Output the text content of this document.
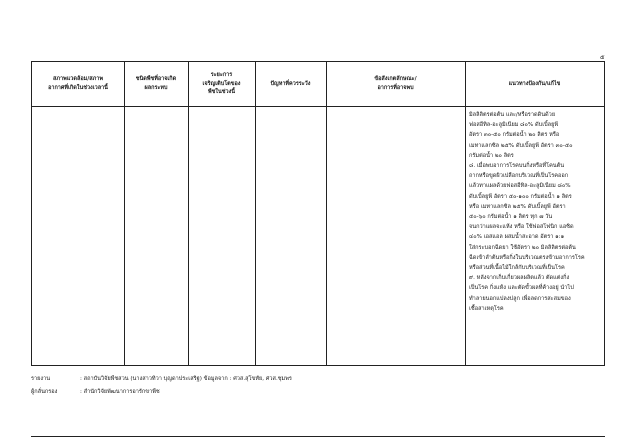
๕
สภาพแวดล้อม/สภาพ
อากาศที่เกิดในช่วงเวลานี้
ชนิดพืชที่อาจเกิด
ผลกระทบ
ระยะการ
เจริญเติบโตของ
พืชในช่วงนี้
ปัญหาที่ควรระวัง
ข้อสังเกตลักษณะ/
อาการที่อาจพบ
แนวทางป้องกัน/แก้ไข
มิลลิลิตรต่อต้น และ/หรือราดดินด้วย
ฟอสอีทิล-อะลูมิเนียม ๘๐% ดับเบิ้ลยูพี
อัตรา ๓๐-๕๐ กรัมต่อน้ำ ๒๐ ลิตร หรือ
เมทาแลกซิล ๒๕% ดับเบิ้ลยูพี อัตรา ๓๐-๕๐
กรัมต่อน้ำ ๒๐ ลิตร
๘. เมื่อพบอาการโรคบนกิ่งหรือที่โคนต้น
ถากหรือขูดผิวเปลือกบริเวณที่เป็นโรคออก
แล้วทาแผลด้วยฟอสอีทิล-อะลูมิเนียม ๘๐%
ดับเบิ้ลยูพี อัตรา ๕๐-๑๐๐ กรัมต่อน้ำ ๑ ลิตร
หรือ เมทาแลกซิล ๒๕% ดับเบิ้ลยูพี อัตรา
๕๐-๖๐ กรัมต่อน้ำ ๑ ลิตร ทุก ๗ วัน
จนกว่าแผลจะแห้ง หรือ ใช้ฟอสโฟนิก แอซิด
๔๐% เอสแอล ผสมน้ำสะอาด อัตรา ๑:๑
ใส่กระบอกฉีดยา ใช้อัตรา ๒๐ มิลลิลิตรต่อต้น
ฉีดเข้าลำต้นหรือกิ่งในบริเวณตรงข้ามอาการโรค
หรือส่วนที่เนื้อไม้ใกล้กับบริเวณที่เป็นโรค
๙. หลังจากเก็บเกี่ยวผลผลิตแล้ว ตัดแต่งกิ่ง
เป็นโรค กิ่งแห้ง และตัดขั้วผลที่ค้างอยู่ นำไป
ทำลายนอกแปลงปลูก เพื่อลดการสะสมของ
เชื้อสาเหตุโรค
รายงาน	: สถาบันวิจัยพืชสวน (นางสาวทิวา บุญดาประเสริฐ) ข้อมูลจาก : ศวส.สุโขทัย, ศวส.ชุมพร
ผู้กลั่นกรอง	: สำนักวิจัยพัฒนาการอารักขาพืช
